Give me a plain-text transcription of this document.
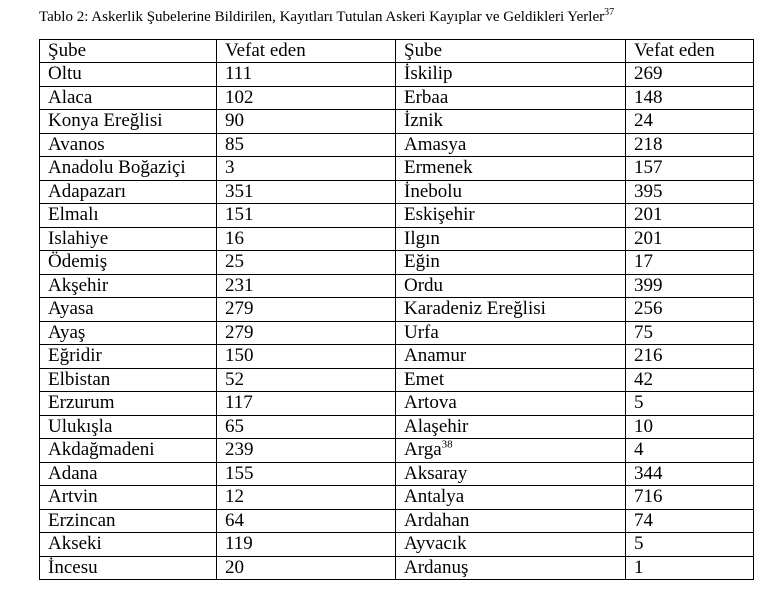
Tablo 2: Askerlik Şubelerine Bildirilen, Kayıtları Tutulan Askeri Kayıplar ve Geldikleri Yerler$^{37}$
Şube	Vefat eden	Şube	Vefat eden
Oltu	111	İskilip	269
Alaca	102	Erbaa	148
Konya Ereğlisi	90	İznik	24
Avanos	85	Amasya	218
Anadolu Boğaziçi	3	Ermenek	157
Adapazarı	351	İnebolu	395
Elmalı	151	Eskişehir	201
Islahiye	16	Ilgın	201
Ödemiş	25	Eğin	17
Akşehir	231	Ordu	399
Ayasa	279	Karadeniz Ereğlisi	256
Ayaş	279	Urfa	75
Eğridir	150	Anamur	216
Elbistan	52	Emet	42
Erzurum	117	Artova	5
Ulukışla	65	Alaşehir	10
Akdağmadeni	239	Arga$^{38}$	4
Adana	155	Aksaray	344
Artvin	12	Antalya	716
Erzincan	64	Ardahan	74
Akseki	119	Ayvacık	5
İncesu	20	Ardanuş	1
